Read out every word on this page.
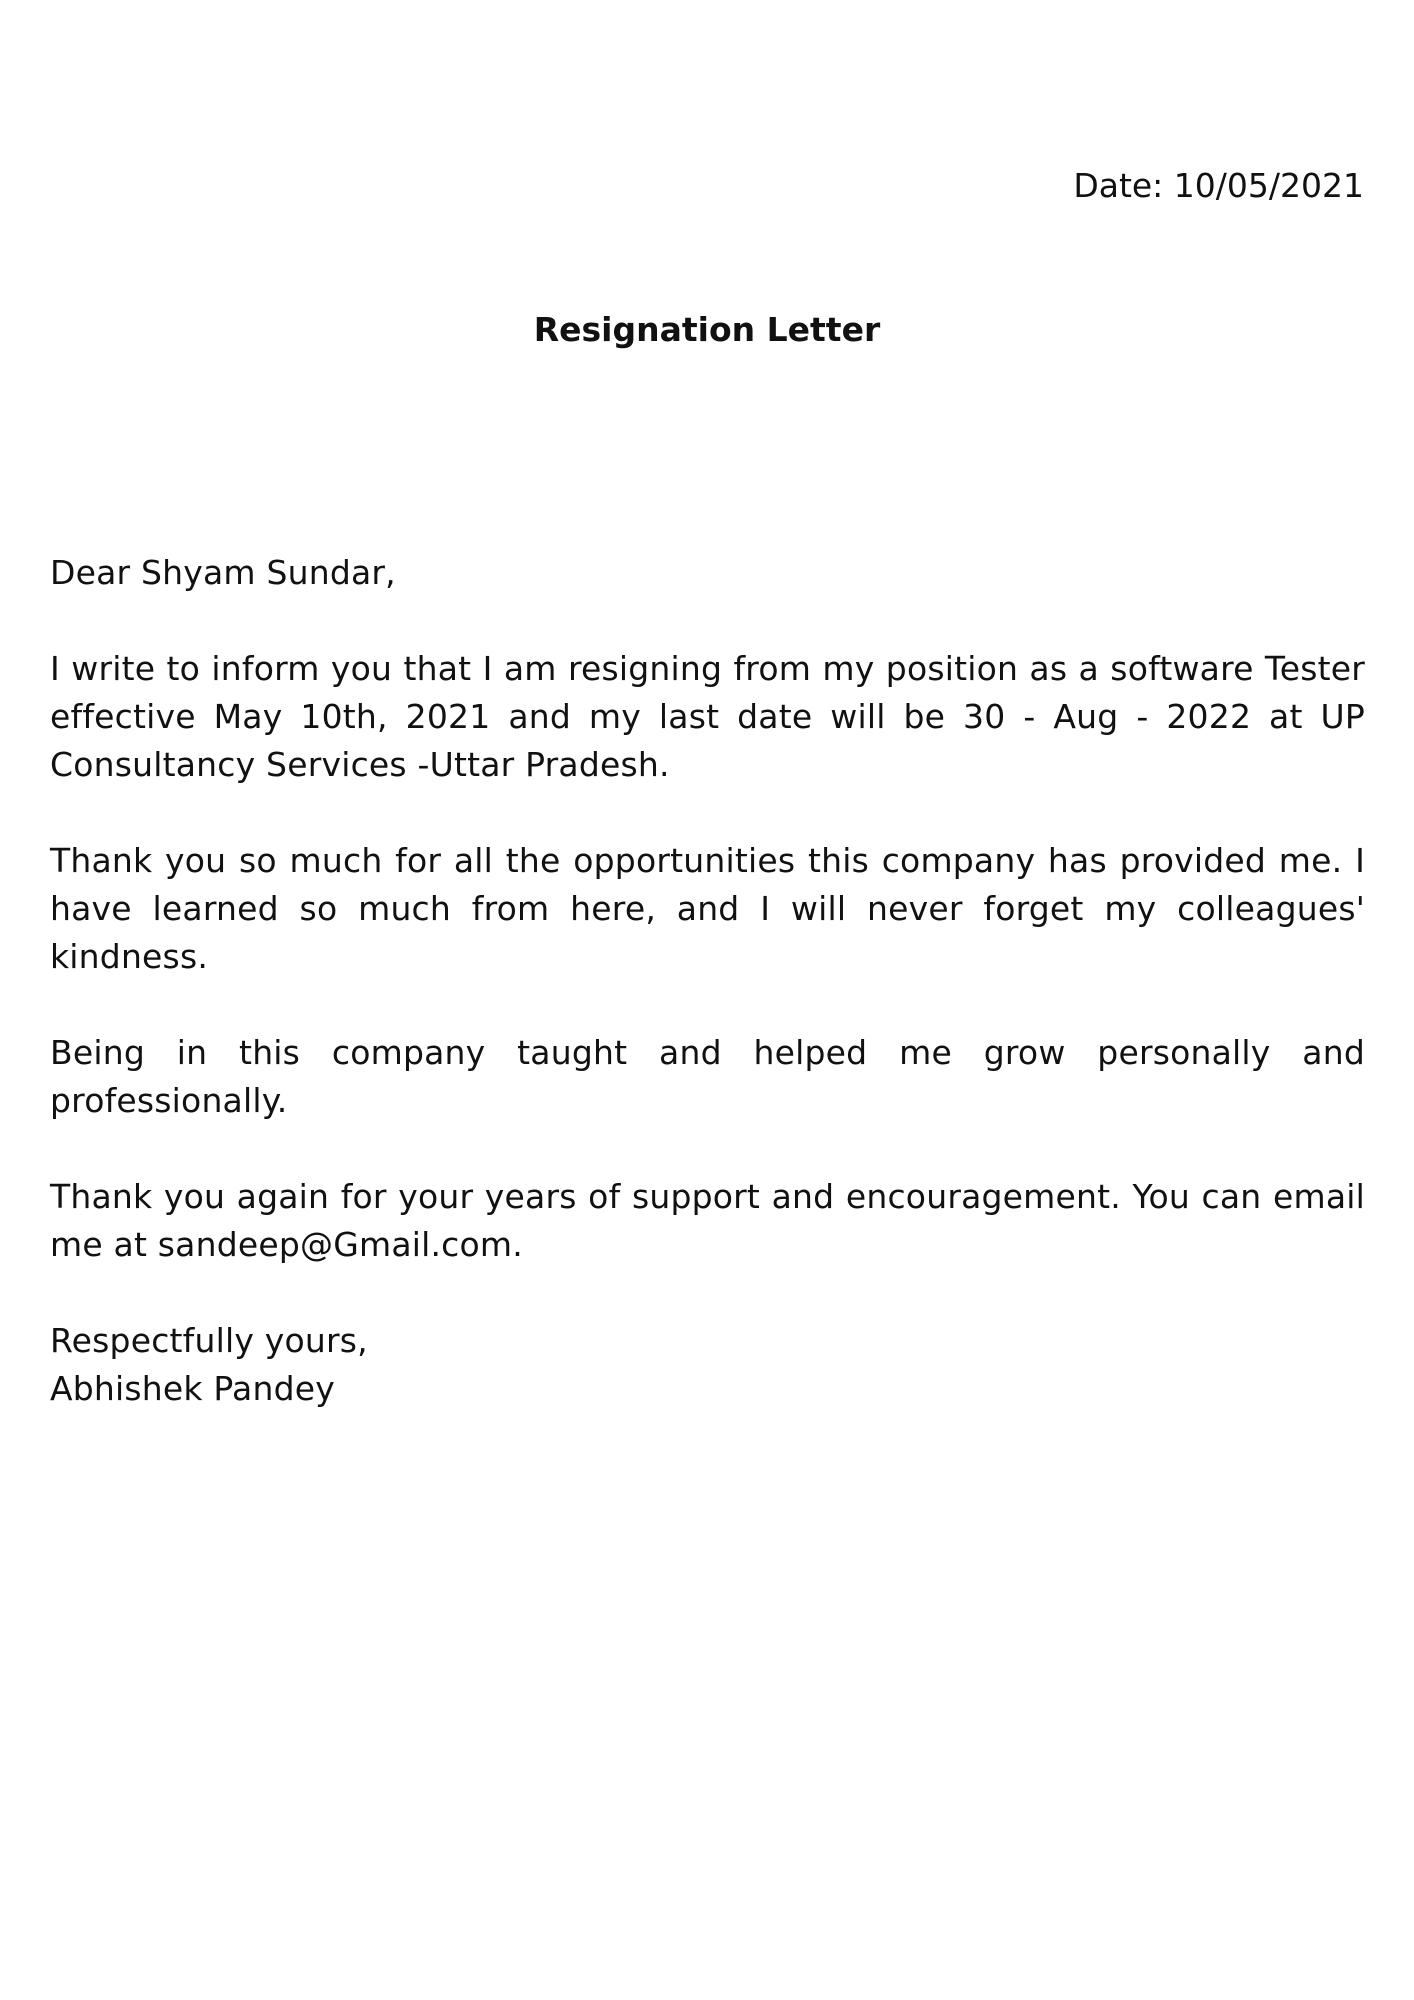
Date: 10/05/2021
Resignation Letter

Dear Shyam Sundar,

I write to inform you that I am resigning from my position as a software Tester effective May 10th, 2021 and my last date will be 30 - Aug - 2022 at UP Consultancy Services -Uttar Pradesh.

Thank you so much for all the opportunities this company has provided me. I have learned so much from here, and I will never forget my colleagues' kindness.

Being in this company taught and helped me grow personally and professionally.

Thank you again for your years of support and encouragement. You can email me at sandeep@Gmail.com.

Respectfully yours,
Abhishek Pandey
